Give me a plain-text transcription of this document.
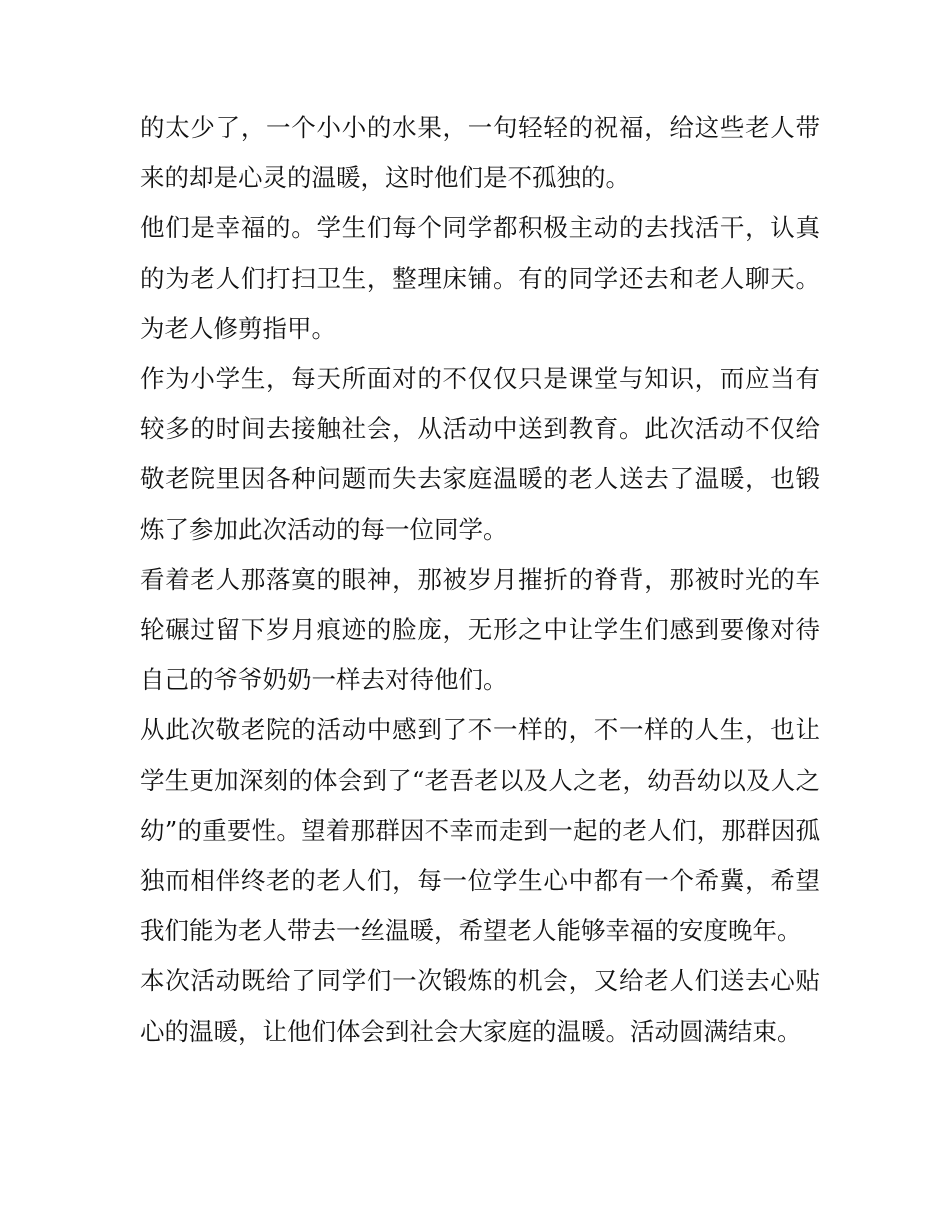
的太少了，一个小小的水果，一句轻轻的祝福，给这些老人带来的却是心灵的温暖，这时他们是不孤独的。

他们是幸福的。学生们每个同学都积极主动的去找活干，认真的为老人们打扫卫生，整理床铺。有的同学还去和老人聊天。为老人修剪指甲。

作为小学生，每天所面对的不仅仅只是课堂与知识，而应当有较多的时间去接触社会，从活动中送到教育。此次活动不仅给敬老院里因各种问题而失去家庭温暖的老人送去了温暖，也锻炼了参加此次活动的每一位同学。

看着老人那落寞的眼神，那被岁月摧折的脊背，那被时光的车轮碾过留下岁月痕迹的脸庞，无形之中让学生们感到要像对待自己的爷爷奶奶一样去对待他们。

从此次敬老院的活动中感到了不一样的，不一样的人生，也让学生更加深刻的体会到了“老吾老以及人之老，幼吾幼以及人之幼”的重要性。望着那群因不幸而走到一起的老人们，那群因孤独而相伴终老的老人们，每一位学生心中都有一个希冀，希望我们能为老人带去一丝温暖，希望老人能够幸福的安度晚年。

本次活动既给了同学们一次锻炼的机会，又给老人们送去心贴心的温暖，让他们体会到社会大家庭的温暖。活动圆满结束。
